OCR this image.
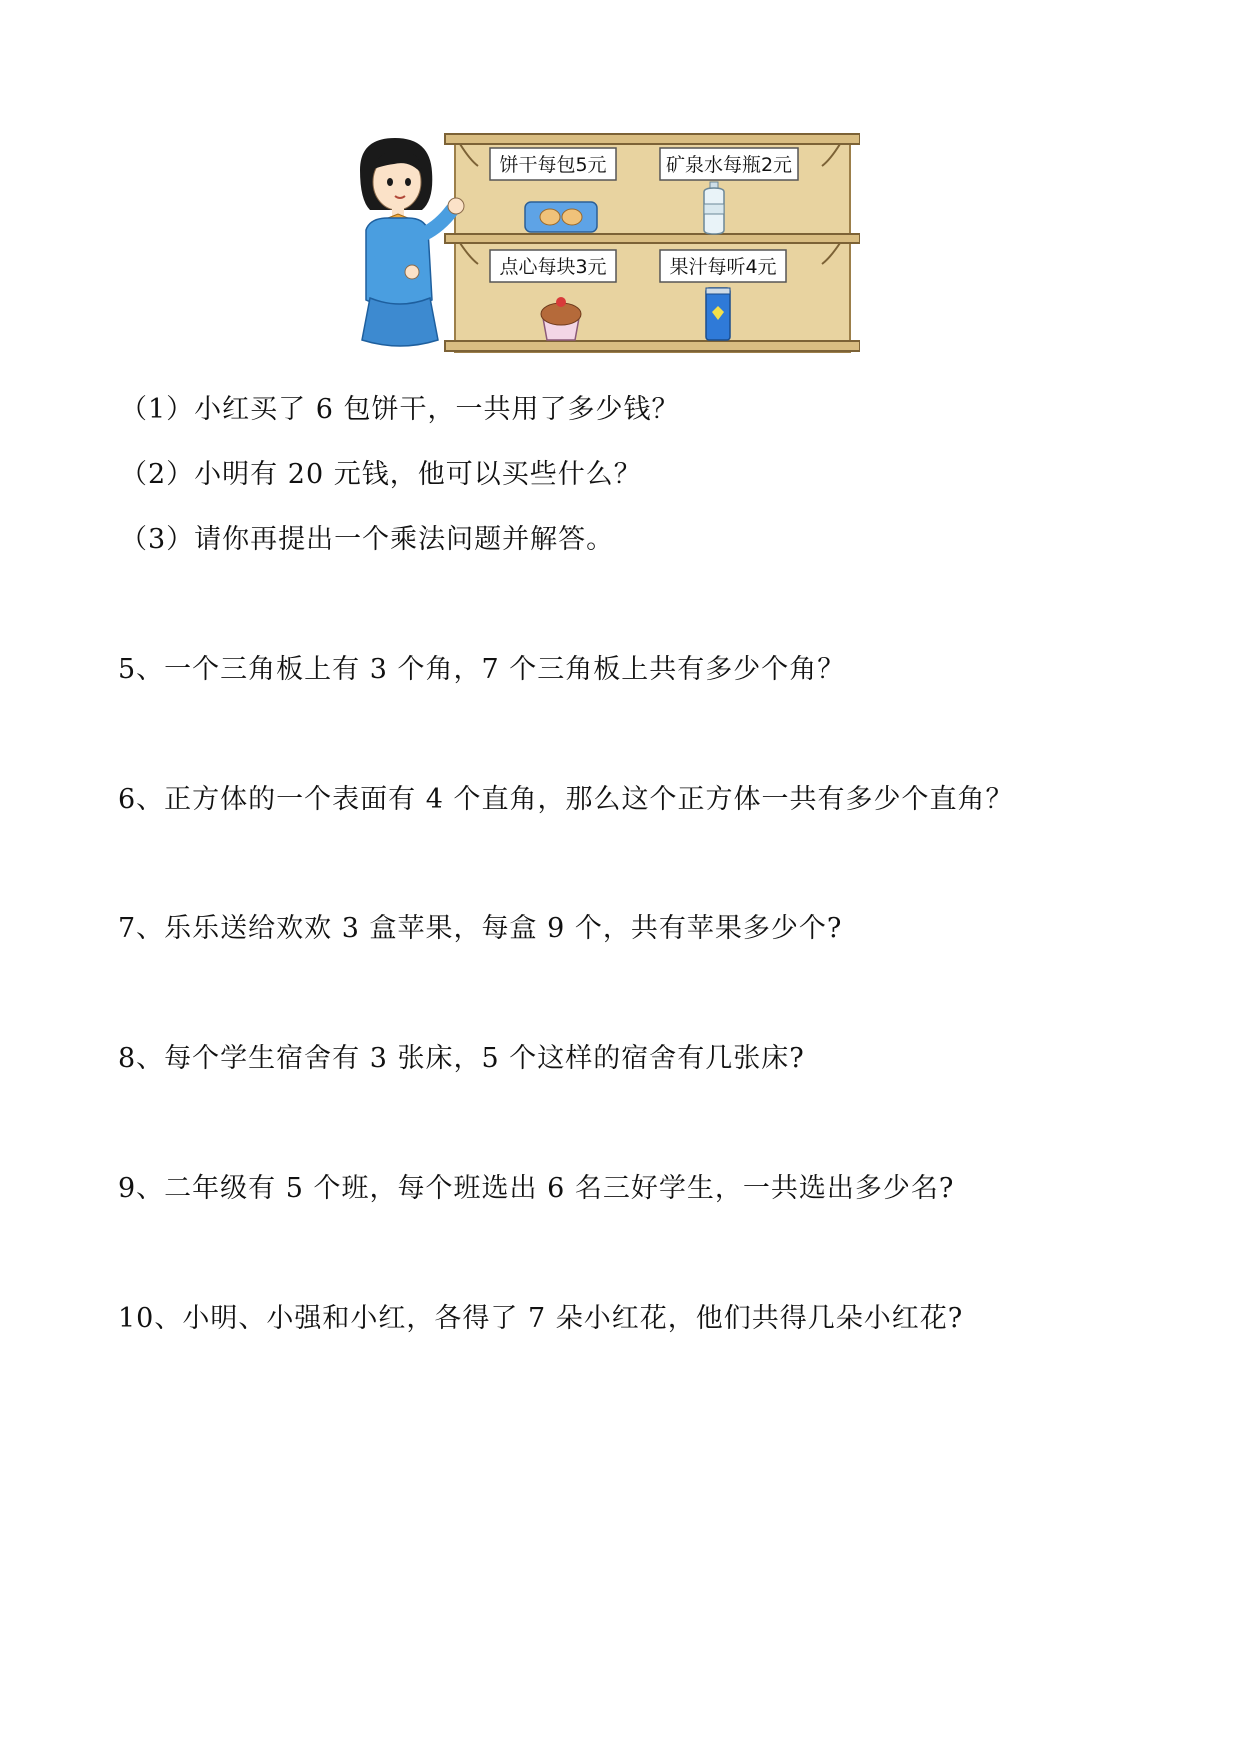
饼干每包5元	矿泉水每瓶2元
点心每块3元	果汁每听4元
（1）小红买了 6 包饼干，一共用了多少钱？
（2）小明有 20 元钱，他可以买些什么？
（3）请你再提出一个乘法问题并解答。
5、一个三角板上有 3 个角，7 个三角板上共有多少个角？
6、正方体的一个表面有 4 个直角，那么这个正方体一共有多少个直角？
7、乐乐送给欢欢 3 盒苹果，每盒 9 个，共有苹果多少个?
8、每个学生宿舍有 3 张床，5 个这样的宿舍有几张床?
9、二年级有 5 个班，每个班选出 6 名三好学生，一共选出多少名?
10、小明、小强和小红，各得了 7 朵小红花，他们共得几朵小红花?
